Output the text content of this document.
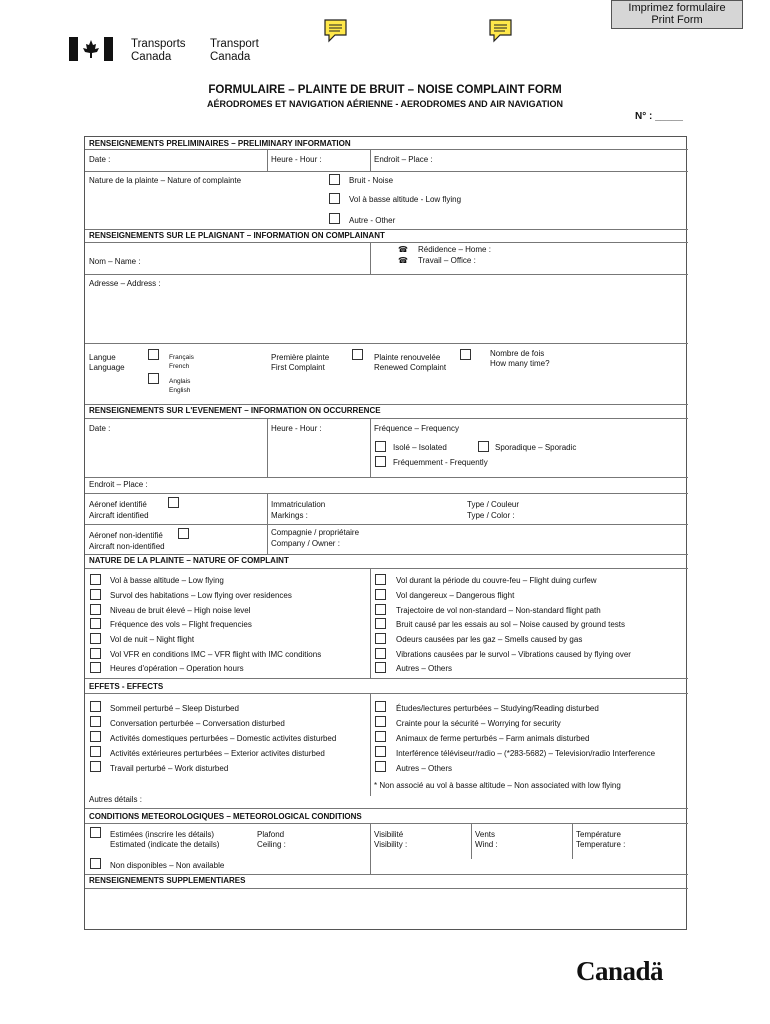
Imprimez formulaire
Print Form
Transports
Canada
Transport
Canada
FORMULAIRE – PLAINTE DE BRUIT – NOISE COMPLAINT FORM
AÉRODROMES ET NAVIGATION AÉRIENNE - AERODROMES AND AIR NAVIGATION
N° : _____
RENSEIGNEMENTS PRELIMINAIRES – PRELIMINARY INFORMATION
Date :	Heure - Hour :	Endroit – Place :
Nature de la plainte – Nature of complainte	Bruit - Noise
Vol à basse altitude - Low flying
Autre - Other
RENSEIGNEMENTS SUR LE PLAIGNANT – INFORMATION ON COMPLAINANT
Nom – Name :
☎ Rédidence – Home :
☎ Travail – Office :
Adresse – Address :
Langue
Language
Français
French
Anglais
English
Première plainte
First Complaint
Plainte renouvelée
Renewed Complaint
Nombre de fois
How many time?
RENSEIGNEMENTS SUR L'EVENEMENT – INFORMATION ON OCCURRENCE
Date :	Heure - Hour :	Fréquence – Frequency
Isolé – Isolated	Sporadique – Sporadic
Fréquemment - Frequently
Endroit – Place :
Aéronef identifié
Aircraft identified
Immatriculation
Markings :
Type / Couleur
Type / Color :
Aéronef non-identifié
Aircraft non-identified
Compagnie / propriétaire
Company / Owner :
NATURE DE LA PLAINTE – NATURE OF COMPLAINT
Vol à basse altitude – Low flying
Survol des habitations – Low flying over residences
Niveau de bruit élevé – High noise level
Fréquence des vols – Flight frequencies
Vol de nuit – Night flight
Vol VFR en conditions IMC – VFR flight with IMC conditions
Heures d'opération – Operation hours
Vol durant la période du couvre-feu – Flight duing curfew
Vol dangereux – Dangerous flight
Trajectoire de vol non-standard – Non-standard flight path
Bruit causé par les essais au sol – Noise caused by ground tests
Odeurs causées par les gaz – Smells caused by gas
Vibrations causées par le survol – Vibrations caused by flying over
Autres – Others
EFFETS - EFFECTS
Sommeil perturbé – Sleep Disturbed
Conversation perturbée – Conversation disturbed
Activités domestiques perturbées – Domestic activites disturbed
Activités extérieures perturbées – Exterior activites disturbed
Travail perturbé – Work disturbed
Études/lectures perturbées – Studying/Reading disturbed
Crainte pour la sécurité – Worrying for security
Animaux de ferme perturbés – Farm animals disturbed
Interférence téléviseur/radio – (*283-5682) – Television/radio Interference
Autres – Others
* Non associé au vol à basse altitude – Non associated with low flying
Autres détails :
CONDITIONS METEOROLOGIQUES – METEOROLOGICAL CONDITIONS
Estimées (inscrire les détails)
Estimated (indicate the details)
Plafond
Ceiling :
Visibilité
Visibility :
Vents
Wind :
Température
Temperature :
Non disponibles – Non available
RENSEIGNEMENTS SUPPLEMENTIARES
Canadä
